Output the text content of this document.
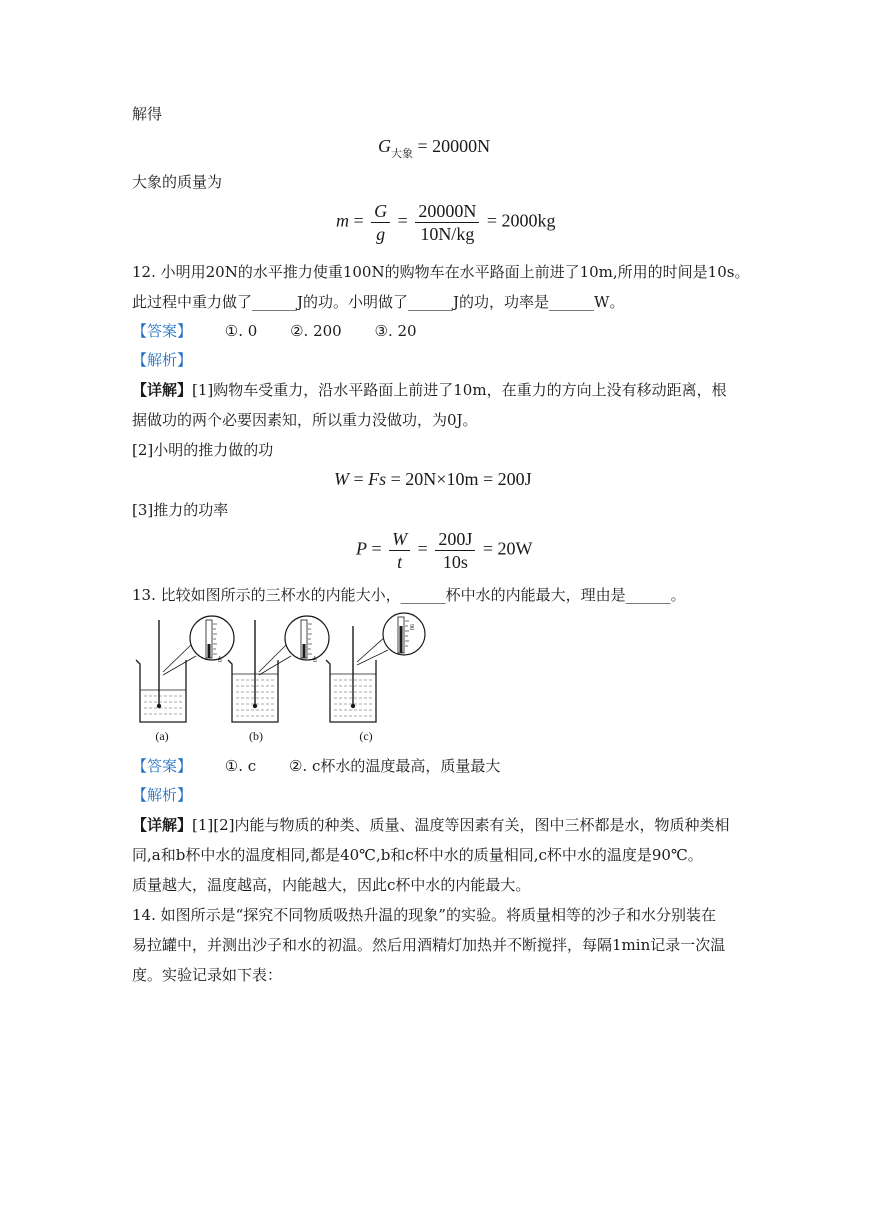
解得
$G_{大象} = 20000N$
大象的质量为
$m = \frac{G}{g} = \frac{20000N}{10N/kg} = 2000kg$
12. 小明用20N的水平推力使重100N的购物车在水平路面上前进了10m,所用的时间是10s。
此过程中重力做了______J的功。小明做了______J的功，功率是______W。
【答案】 ①. 0 ②. 200 ③. 20
【解析】
【详解】[1]购物车受重力，沿水平路面上前进了10m，在重力的方向上没有移动距离，根
据做功的两个必要因素知，所以重力没做功，为0J。
[2]小明的推力做的功
W = Fs = 20N×10m = 200J
[3]推力的功率
$P = \frac{W}{t} = \frac{200J}{10s} = 20W$
13. 比较如图所示的三杯水的内能大小，______杯中水的内能最大，理由是______。
40
(a)
40
(b)
90
(c)
【答案】 ①. c ②. c杯水的温度最高，质量最大
【解析】
【详解】[1][2]内能与物质的种类、质量、温度等因素有关，图中三杯都是水，物质种类相
同,a和b杯中水的温度相同,都是40℃,b和c杯中水的质量相同,c杯中水的温度是90℃。
质量越大，温度越高，内能越大，因此c杯中水的内能最大。
14. 如图所示是“探究不同物质吸热升温的现象”的实验。将质量相等的沙子和水分别装在
易拉罐中，并测出沙子和水的初温。然后用酒精灯加热并不断搅拌，每隔1min记录一次温
度。实验记录如下表：
